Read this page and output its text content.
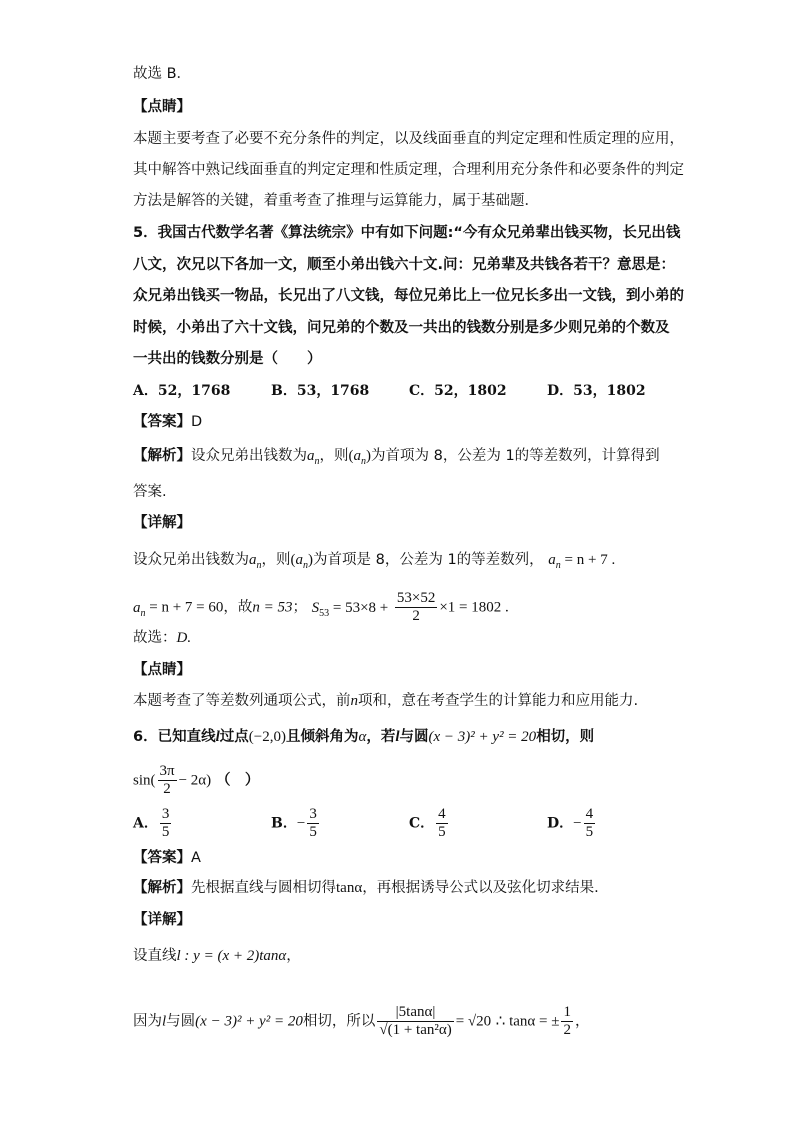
故选 B．
【点睛】
本题主要考查了必要不充分条件的判定，以及线面垂直的判定定理和性质定理的应用，
其中解答中熟记线面垂直的判定定理和性质定理，合理利用充分条件和必要条件的判定
方法是解答的关键，着重考查了推理与运算能力，属于基础题．
5．我国古代数学名著《算法统宗》中有如下问题:“今有众兄弟辈出钱买物，长兄出钱
八文，次兄以下各加一文，顺至小弟出钱六十文.问：兄弟辈及共钱各若干？意思是：
众兄弟出钱买一物品，长兄出了八文钱，每位兄弟比上一位兄长多出一文钱，到小弟的
时候，小弟出了六十文钱，问兄弟的个数及一共出的钱数分别是多少则兄弟的个数及
一共出的钱数分别是（　　）
A．52，1768	B．53，1768	C．52，1802	D．53，1802
【答案】D
【解析】设众兄弟出钱数为$a_n$，则$(a_n)$为首项为 8，公差为 1的等差数列，计算得到
答案.
【详解】
设众兄弟出钱数为$a_n$，则$(a_n)$为首项是 8，公差为 1的等差数列， $a_n = n + 7$ .
$a_n = n + 7 = 60$，故n = 53； $S_{53} = 53\times 8 + \frac{53\times 52}{2} \times 1 = 1802$ .
故选：D.
【点睛】
本题考查了等差数列通项公式，前n项和，意在考查学生的计算能力和应用能力.
6．已知直线l过点(−2,0)且倾斜角为α，若l与圆(x − 3)² + y² = 20相切，则
$\sin( \frac{3\pi}{2} - 2\alpha)$ （　）
A． $\frac{3}{5}$	B．− $\frac{3}{5}$	C． $\frac{4}{5}$	D．− $\frac{4}{5}$
【答案】A
【解析】先根据直线与圆相切得tanα，再根据诱导公式以及弦化切求结果.
【详解】
设直线l : y = (x + 2)tanα，
因为l与圆(x − 3)² + y² = 20相切，所以 $\frac{|5\tan\alpha|}{\text{√(1 + tan²α)}} = √20$ ∴ tanα = ± $\frac{1}{2}$ ，
